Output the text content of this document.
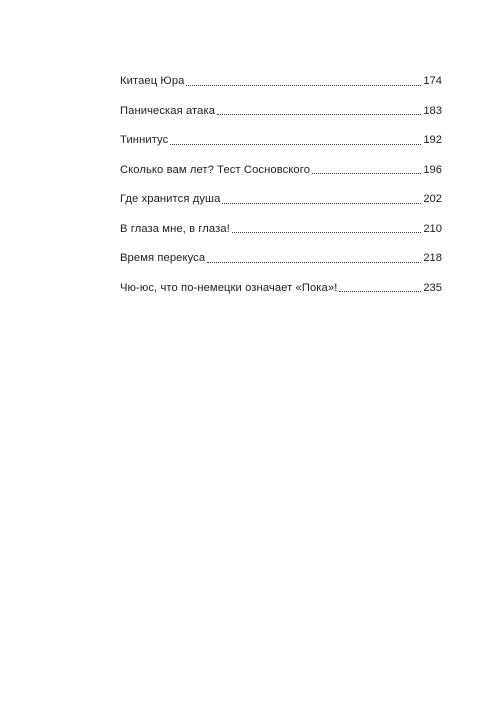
Китаец Юра	174
Паническая атака	183
Тиннитус	192
Сколько вам лет? Тест Сосновского	196
Где хранится душа	202
В глаза мне, в глаза!	210
Время перекуса	218
Чю-юс, что по-немецки означает «Пока»!	235
